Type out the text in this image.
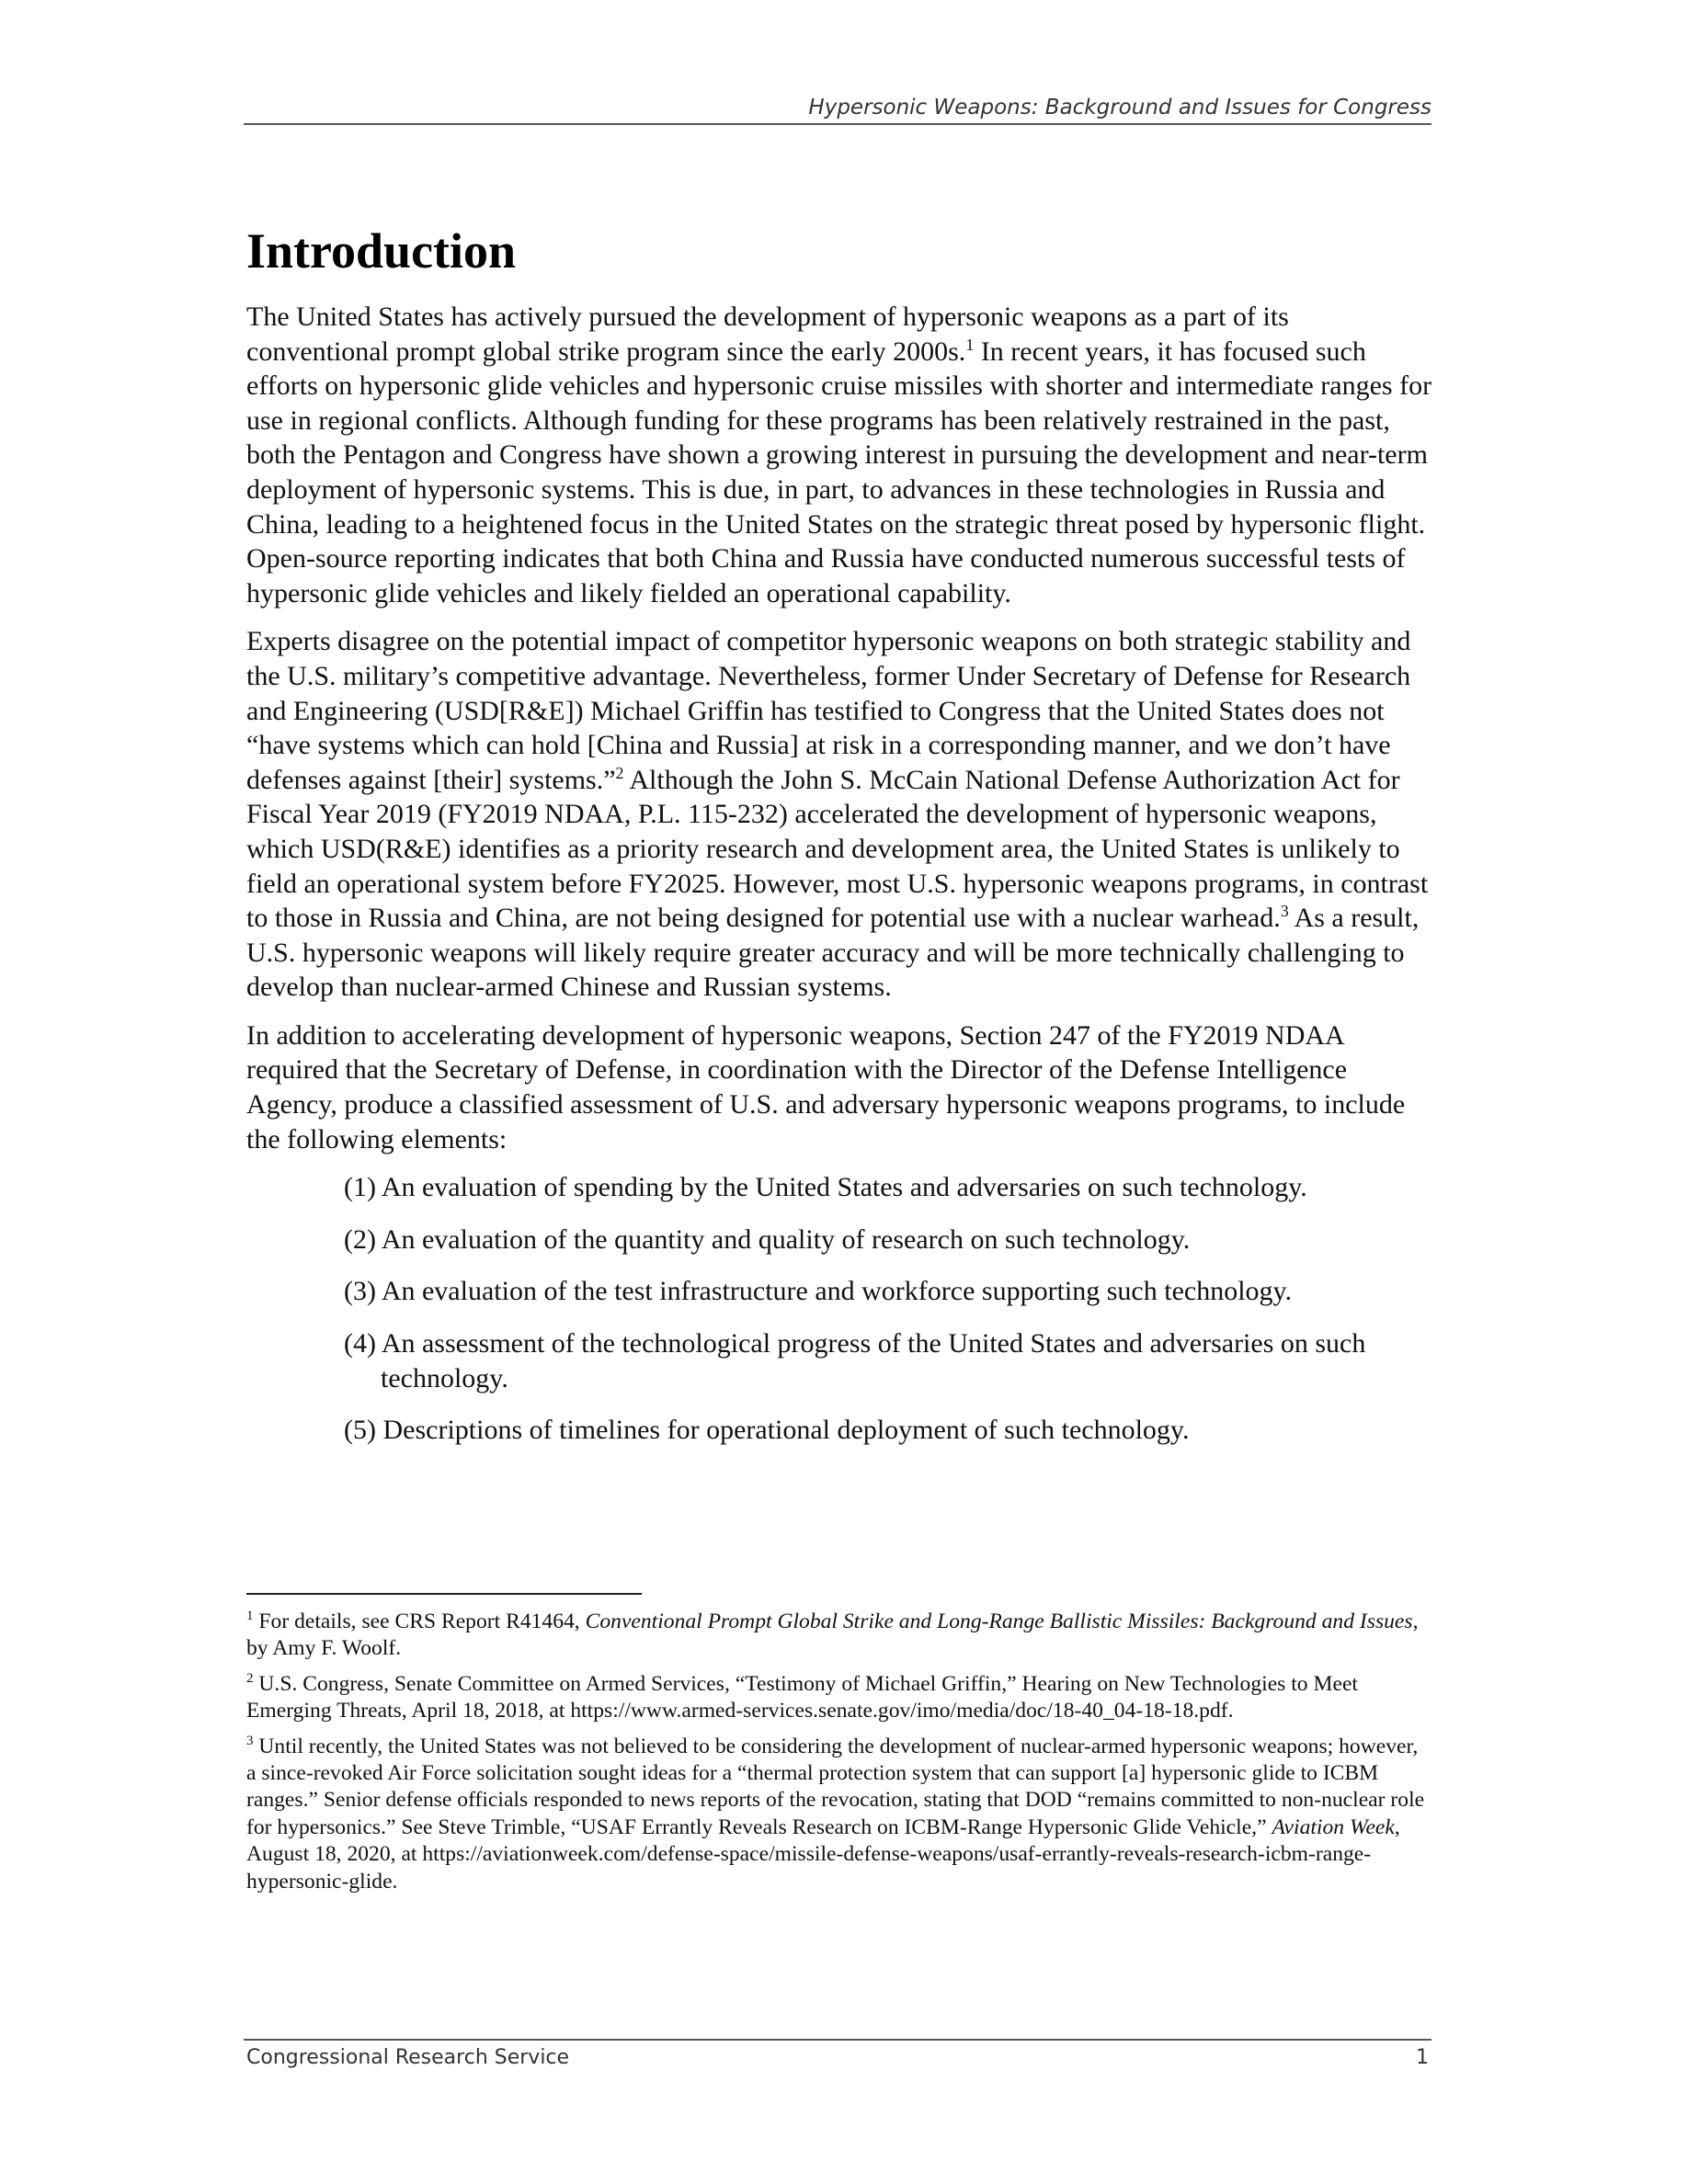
Hypersonic Weapons: Background and Issues for Congress
Introduction

The United States has actively pursued the development of hypersonic weapons as a part of its conventional prompt global strike program since the early 2000s.$^1$ In recent years, it has focused such efforts on hypersonic glide vehicles and hypersonic cruise missiles with shorter and intermediate ranges for use in regional conflicts. Although funding for these programs has been relatively restrained in the past, both the Pentagon and Congress have shown a growing interest in pursuing the development and near-term deployment of hypersonic systems. This is due, in part, to advances in these technologies in Russia and China, leading to a heightened focus in the United States on the strategic threat posed by hypersonic flight. Open-source reporting indicates that both China and Russia have conducted numerous successful tests of hypersonic glide vehicles and likely fielded an operational capability.

Experts disagree on the potential impact of competitor hypersonic weapons on both strategic stability and the U.S. military’s competitive advantage. Nevertheless, former Under Secretary of Defense for Research and Engineering (USD[R&E]) Michael Griffin has testified to Congress that the United States does not “have systems which can hold [China and Russia] at risk in a corresponding manner, and we don’t have defenses against [their] systems.”$^2$ Although the John S. McCain National Defense Authorization Act for Fiscal Year 2019 (FY2019 NDAA, P.L. 115-232) accelerated the development of hypersonic weapons, which USD(R&E) identifies as a priority research and development area, the United States is unlikely to field an operational system before FY2025. However, most U.S. hypersonic weapons programs, in contrast to those in Russia and China, are not being designed for potential use with a nuclear warhead.$^3$ As a result, U.S. hypersonic weapons will likely require greater accuracy and will be more technically challenging to develop than nuclear-armed Chinese and Russian systems.

In addition to accelerating development of hypersonic weapons, Section 247 of the FY2019 NDAA required that the Secretary of Defense, in coordination with the Director of the Defense Intelligence Agency, produce a classified assessment of U.S. and adversary hypersonic weapons programs, to include the following elements:

(1) An evaluation of spending by the United States and adversaries on such technology.
(2) An evaluation of the quantity and quality of research on such technology.
(3) An evaluation of the test infrastructure and workforce supporting such technology.
(4) An assessment of the technological progress of the United States and adversaries on such technology.
(5) Descriptions of timelines for operational deployment of such technology.

$^1$ For details, see CRS Report R41464, Conventional Prompt Global Strike and Long-Range Ballistic Missiles: Background and Issues, by Amy F. Woolf.

$^2$ U.S. Congress, Senate Committee on Armed Services, “Testimony of Michael Griffin,” Hearing on New Technologies to Meet Emerging Threats, April 18, 2018, at https://www.armed-services.senate.gov/imo/media/doc/18-40_04-18-18.pdf.

$^3$ Until recently, the United States was not believed to be considering the development of nuclear-armed hypersonic weapons; however, a since-revoked Air Force solicitation sought ideas for a “thermal protection system that can support [a] hypersonic glide to ICBM ranges.” Senior defense officials responded to news reports of the revocation, stating that DOD “remains committed to non-nuclear role for hypersonics.” See Steve Trimble, “USAF Errantly Reveals Research on ICBM-Range Hypersonic Glide Vehicle,” Aviation Week, August 18, 2020, at https://aviationweek.com/defense-space/missile-defense-weapons/usaf-errantly-reveals-research-icbm-range-hypersonic-glide.

Congressional Research Service	1
